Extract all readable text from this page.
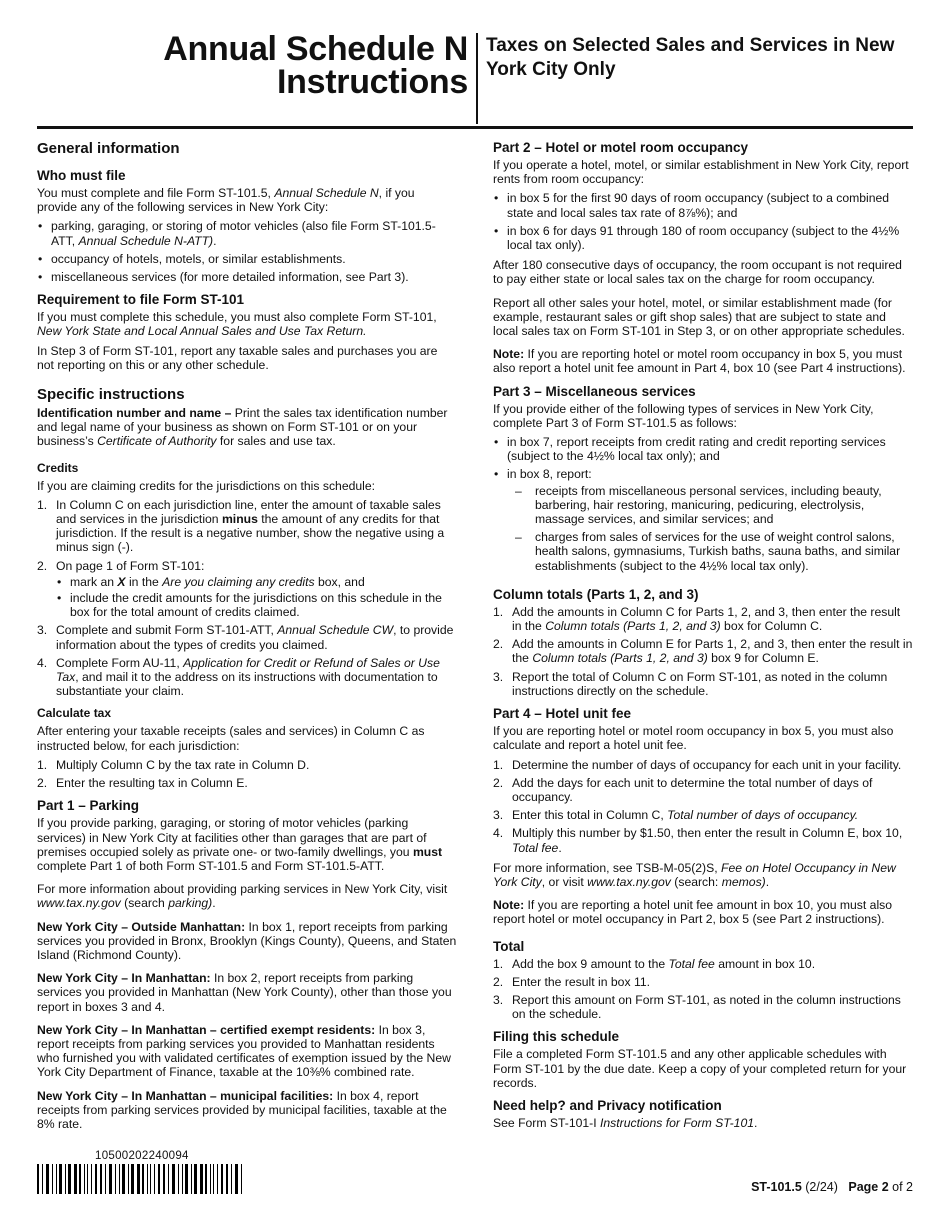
Annual Schedule N
Instructions
Taxes on Selected Sales and Services in New York City Only
General information
Who must file
You must complete and file Form ST-101.5, Annual Schedule N, if you provide any of the following services in New York City:
• parking, garaging, or storing of motor vehicles (also file Form ST-101.5-ATT, Annual Schedule N-ATT).
• occupancy of hotels, motels, or similar establishments.
• miscellaneous services (for more detailed information, see Part 3).
Requirement to file Form ST-101
If you must complete this schedule, you must also complete Form ST-101, New York State and Local Annual Sales and Use Tax Return.
In Step 3 of Form ST-101, report any taxable sales and purchases you are not reporting on this or any other schedule.
Specific instructions
Identification number and name – Print the sales tax identification number and legal name of your business as shown on Form ST-101 or on your business’s Certificate of Authority for sales and use tax.
Credits
If you are claiming credits for the jurisdictions on this schedule:
1. In Column C on each jurisdiction line, enter the amount of taxable sales and services in the jurisdiction minus the amount of any credits for that jurisdiction. If the result is a negative number, show the negative using a minus sign (-).
2. On page 1 of Form ST-101:
• mark an X in the Are you claiming any credits box, and
• include the credit amounts for the jurisdictions on this schedule in the box for the total amount of credits claimed.
3. Complete and submit Form ST-101-ATT, Annual Schedule CW, to provide information about the types of credits you claimed.
4. Complete Form AU-11, Application for Credit or Refund of Sales or Use Tax, and mail it to the address on its instructions with documentation to substantiate your claim.
Calculate tax
After entering your taxable receipts (sales and services) in Column C as instructed below, for each jurisdiction:
1. Multiply Column C by the tax rate in Column D.
2. Enter the resulting tax in Column E.
Part 1 – Parking
If you provide parking, garaging, or storing of motor vehicles (parking services) in New York City at facilities other than garages that are part of premises occupied solely as private one- or two-family dwellings, you must complete Part 1 of both Form ST-101.5 and Form ST-101.5-ATT.
For more information about providing parking services in New York City, visit www.tax.ny.gov (search parking).
New York City – Outside Manhattan: In box 1, report receipts from parking services you provided in Bronx, Brooklyn (Kings County), Queens, and Staten Island (Richmond County).
New York City – In Manhattan: In box 2, report receipts from parking services you provided in Manhattan (New York County), other than those you report in boxes 3 and 4.
New York City – In Manhattan – certified exempt residents: In box 3, report receipts from parking services you provided to Manhattan residents who furnished you with validated certificates of exemption issued by the New York City Department of Finance, taxable at the 10⅜% combined rate.
New York City – In Manhattan – municipal facilities: In box 4, report receipts from parking services provided by municipal facilities, taxable at the 8% rate.
Part 2 – Hotel or motel room occupancy
If you operate a hotel, motel, or similar establishment in New York City, report rents from room occupancy:
• in box 5 for the first 90 days of room occupancy (subject to a combined state and local sales tax rate of 8⅞%); and
• in box 6 for days 91 through 180 of room occupancy (subject to the 4½% local tax only).
After 180 consecutive days of occupancy, the room occupant is not required to pay either state or local sales tax on the charge for room occupancy.
Report all other sales your hotel, motel, or similar establishment made (for example, restaurant sales or gift shop sales) that are subject to state and local sales tax on Form ST-101 in Step 3, or on other appropriate schedules.
Note: If you are reporting hotel or motel room occupancy in box 5, you must also report a hotel unit fee amount in Part 4, box 10 (see Part 4 instructions).
Part 3 – Miscellaneous services
If you provide either of the following types of services in New York City, complete Part 3 of Form ST-101.5 as follows:
• in box 7, report receipts from credit rating and credit reporting services (subject to the 4½% local tax only); and
• in box 8, report:
– receipts from miscellaneous personal services, including beauty, barbering, hair restoring, manicuring, pedicuring, electrolysis, massage services, and similar services; and
– charges from sales of services for the use of weight control salons, health salons, gymnasiums, Turkish baths, sauna baths, and similar establishments (subject to the 4½% local tax only).
Column totals (Parts 1, 2, and 3)
1. Add the amounts in Column C for Parts 1, 2, and 3, then enter the result in the Column totals (Parts 1, 2, and 3) box for Column C.
2. Add the amounts in Column E for Parts 1, 2, and 3, then enter the result in the Column totals (Parts 1, 2, and 3) box 9 for Column E.
3. Report the total of Column C on Form ST-101, as noted in the column instructions directly on the schedule.
Part 4 – Hotel unit fee
If you are reporting hotel or motel room occupancy in box 5, you must also calculate and report a hotel unit fee.
1. Determine the number of days of occupancy for each unit in your facility.
2. Add the days for each unit to determine the total number of days of occupancy.
3. Enter this total in Column C, Total number of days of occupancy.
4. Multiply this number by $1.50, then enter the result in Column E, box 10, Total fee.
For more information, see TSB-M-05(2)S, Fee on Hotel Occupancy in New York City, or visit www.tax.ny.gov (search: memos).
Note: If you are reporting a hotel unit fee amount in box 10, you must also report hotel or motel occupancy in Part 2, box 5 (see Part 2 instructions).
Total
1. Add the box 9 amount to the Total fee amount in box 10.
2. Enter the result in box 11.
3. Report this amount on Form ST-101, as noted in the column instructions on the schedule.
Filing this schedule
File a completed Form ST-101.5 and any other applicable schedules with Form ST-101 by the due date. Keep a copy of your completed return for your records.
Need help? and Privacy notification
See Form ST-101-I Instructions for Form ST-101.
10500202240094
ST-101.5 (2/24) Page 2 of 2
